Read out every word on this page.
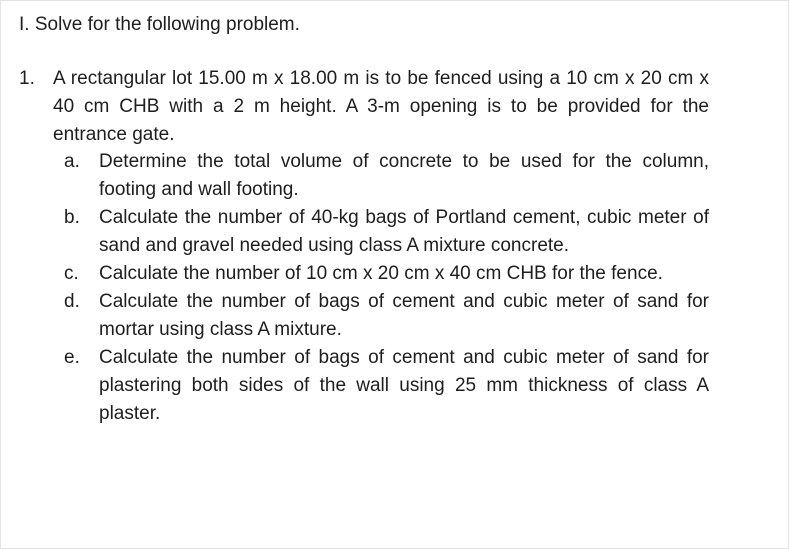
I. Solve for the following problem.
1. A rectangular lot 15.00 m x 18.00 m is to be fenced using a 10 cm x 20 cm x 40 cm CHB with a 2 m height. A 3-m opening is to be provided for the entrance gate.
a. Determine the total volume of concrete to be used for the column, footing and wall footing.
b. Calculate the number of 40-kg bags of Portland cement, cubic meter of sand and gravel needed using class A mixture concrete.
c. Calculate the number of 10 cm x 20 cm x 40 cm CHB for the fence.
d. Calculate the number of bags of cement and cubic meter of sand for mortar using class A mixture.
e. Calculate the number of bags of cement and cubic meter of sand for plastering both sides of the wall using 25 mm thickness of class A plaster.
